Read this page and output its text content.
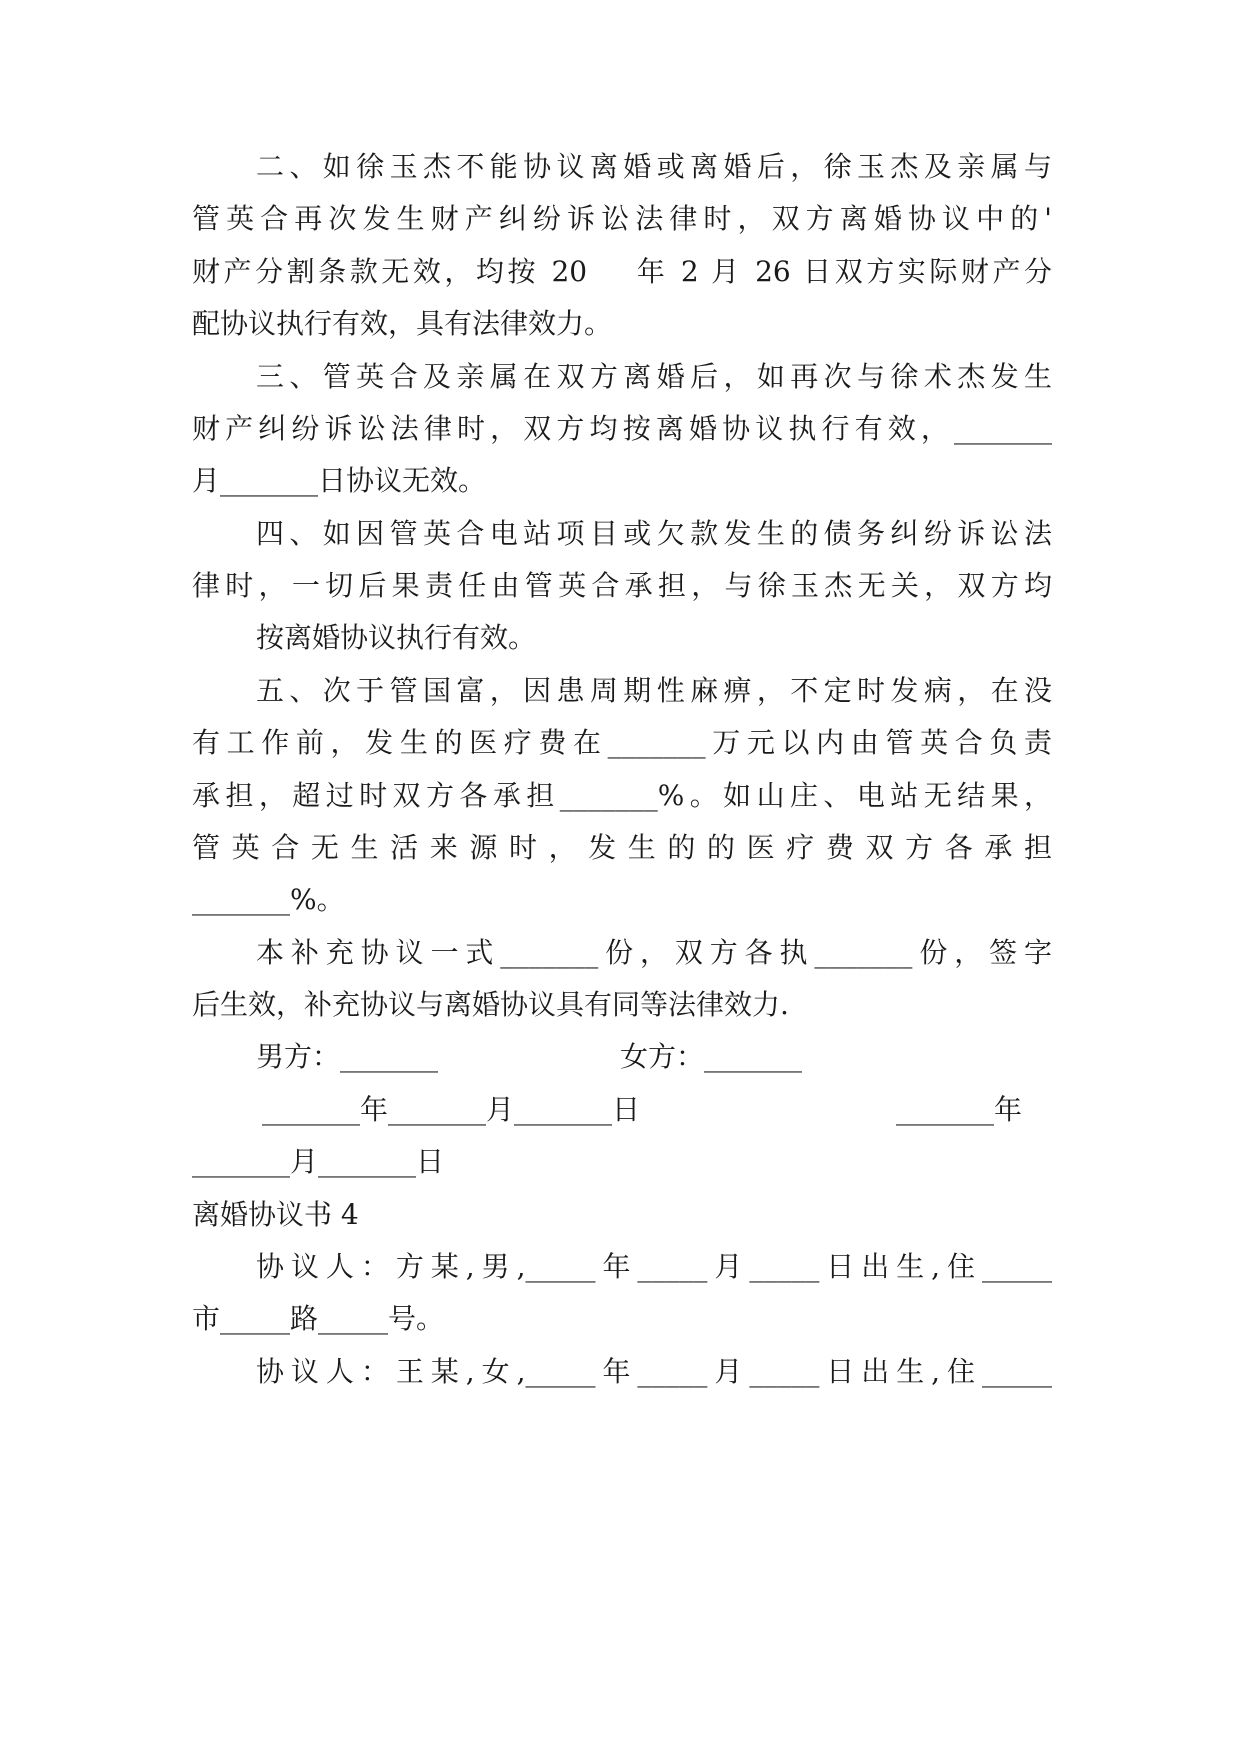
二、如徐玉杰不能协议离婚或离婚后，徐玉杰及亲属与
管英合再次发生财产纠纷诉讼法律时，双方离婚协议中的'
财产分割条款无效，均按 20    年 2 月 26 日双方实际财产分
配协议执行有效，具有法律效力。
三、管英合及亲属在双方离婚后，如再次与徐术杰发生
财产纠纷诉讼法律时，双方均按离婚协议执行有效，_______
月_______日协议无效。
四、如因管英合电站项目或欠款发生的债务纠纷诉讼法
律时，一切后果责任由管英合承担，与徐玉杰无关，双方均
按离婚协议执行有效。
五、次于管国富，因患周期性麻痹，不定时发病，在没
有工作前，发生的医疗费在_______万元以内由管英合负责
承担，超过时双方各承担_______%。如山庄、电站无结果，
管英合无生活来源时，发生的的医疗费双方各承担
_______%。
本补充协议一式_______份，双方各执_______份，签字
后生效，补充协议与离婚协议具有同等法律效力.
男方：_______	女方：_______
_______年_______月_______日	_______年
_______月_______日
离婚协议书 4
协议人：方某,男,_____年_____月_____日出生,住_____
市_____路_____号。
协议人：王某,女,_____年_____月_____日出生,住_____
